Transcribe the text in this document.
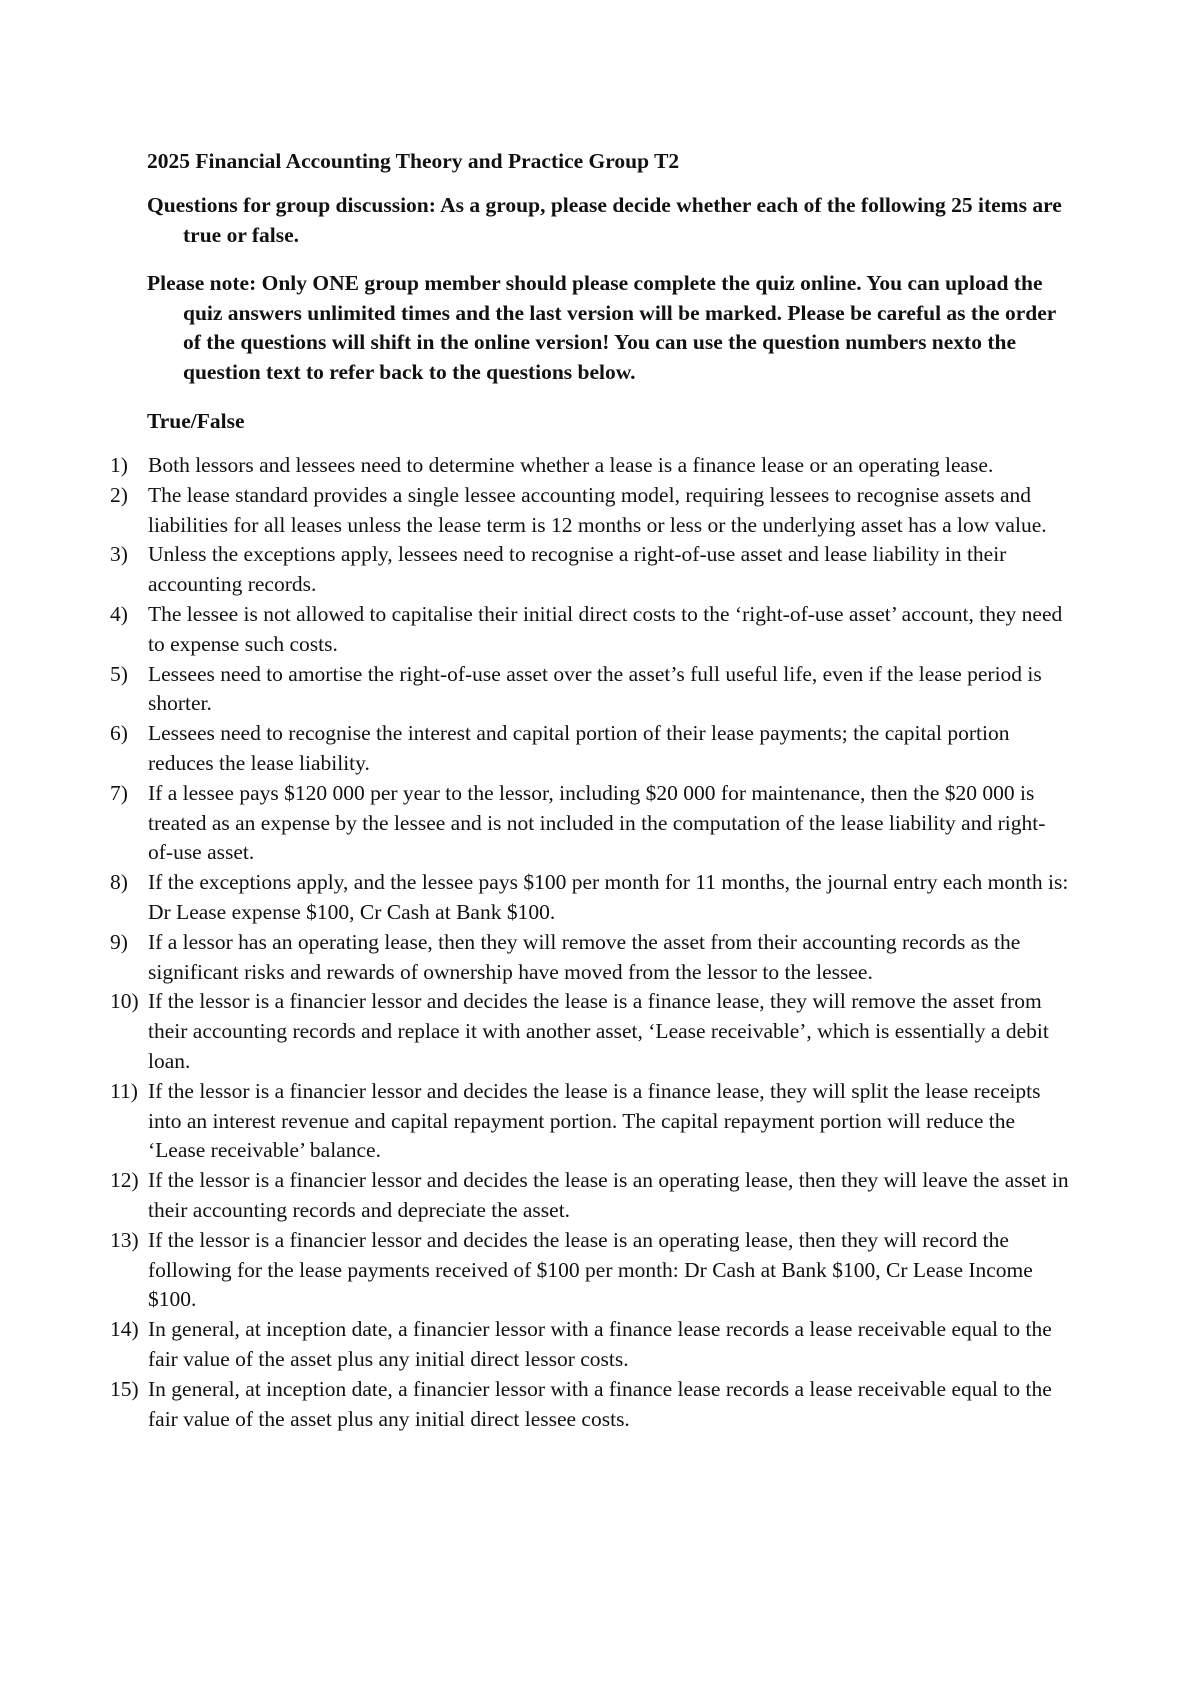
2025 Financial Accounting Theory and Practice Group T2
Questions for group discussion: As a group, please decide whether each of the following 25 items are true or false.
Please note: Only ONE group member should please complete the quiz online. You can upload the quiz answers unlimited times and the last version will be marked. Please be careful as the order of the questions will shift in the online version! You can use the question numbers nexto the question text to refer back to the questions below.
True/False
1) Both lessors and lessees need to determine whether a lease is a finance lease or an operating lease.
2) The lease standard provides a single lessee accounting model, requiring lessees to recognise assets and liabilities for all leases unless the lease term is 12 months or less or the underlying asset has a low value.
3) Unless the exceptions apply, lessees need to recognise a right-of-use asset and lease liability in their accounting records.
4) The lessee is not allowed to capitalise their initial direct costs to the ‘right-of-use asset’ account, they need to expense such costs.
5) Lessees need to amortise the right-of-use asset over the asset’s full useful life, even if the lease period is shorter.
6) Lessees need to recognise the interest and capital portion of their lease payments; the capital portion reduces the lease liability.
7) If a lessee pays $120 000 per year to the lessor, including $20 000 for maintenance, then the $20 000 is treated as an expense by the lessee and is not included in the computation of the lease liability and right-of-use asset.
8) If the exceptions apply, and the lessee pays $100 per month for 11 months, the journal entry each month is: Dr Lease expense $100, Cr Cash at Bank $100.
9) If a lessor has an operating lease, then they will remove the asset from their accounting records as the significant risks and rewards of ownership have moved from the lessor to the lessee.
10) If the lessor is a financier lessor and decides the lease is a finance lease, they will remove the asset from their accounting records and replace it with another asset, ‘Lease receivable’, which is essentially a debit loan.
11) If the lessor is a financier lessor and decides the lease is a finance lease, they will split the lease receipts into an interest revenue and capital repayment portion. The capital repayment portion will reduce the ‘Lease receivable’ balance.
12) If the lessor is a financier lessor and decides the lease is an operating lease, then they will leave the asset in their accounting records and depreciate the asset.
13) If the lessor is a financier lessor and decides the lease is an operating lease, then they will record the following for the lease payments received of $100 per month: Dr Cash at Bank $100, Cr Lease Income $100.
14) In general, at inception date, a financier lessor with a finance lease records a lease receivable equal to the fair value of the asset plus any initial direct lessor costs.
15) In general, at inception date, a financier lessor with a finance lease records a lease receivable equal to the fair value of the asset plus any initial direct lessee costs.
